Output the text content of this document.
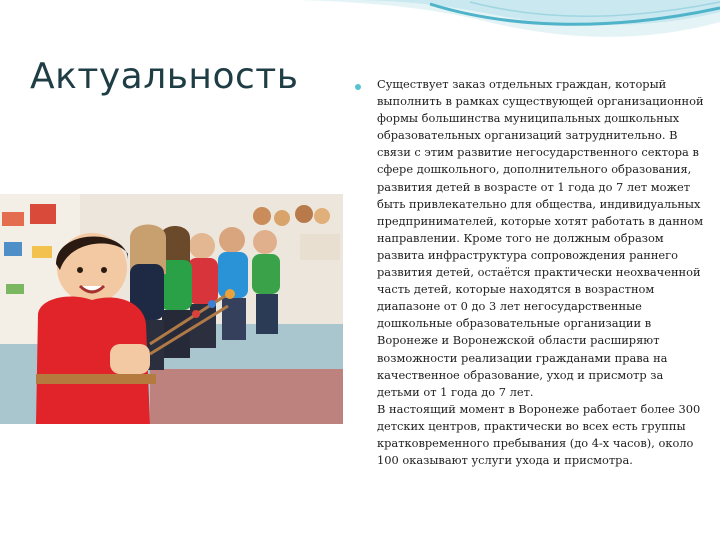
Актуальность	Существует заказ отдельных граждан, который выполнить в рамках существующей организационной формы большинства муниципальных дошкольных образовательных организаций затруднительно. В связи с этим развитие негосударственного сектора в сфере дошкольного, дополнительного образования, развития детей в возрасте от 1 года до 7 лет может быть привлекательно для общества, индивидуальных предпринимателей, которые хотят работать в данном направлении. Кроме того не должным образом развита инфраструктура сопровождения раннего развития детей, остаётся практически неохваченной часть детей, которые находятся в возрастном диапазоне от 0 до 3 лет негосударственные дошкольные образовательные организации в Воронеже и Воронежской области расширяют возможности реализации гражданами права на качественное образование, уход и присмотр за детьми от 1 года до 7 лет.

В настоящий момент в Воронеже работает более 300 детских центров, практически во всех есть группы кратковременного пребывания (до 4-х часов), около 100 оказывают услуги ухода и присмотра.
